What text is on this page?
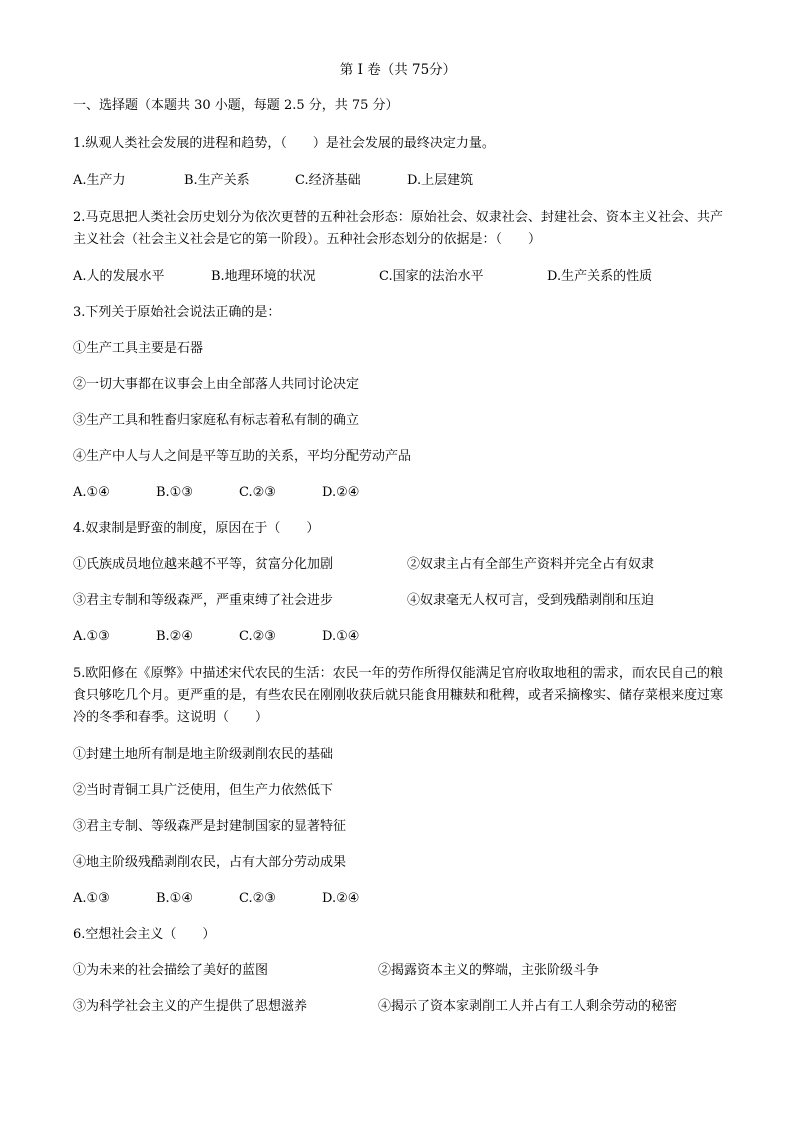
第 I 卷（共 75分）
一、选择题（本题共 30 小题，每题 2.5 分，共 75 分）
1.纵观人类社会发展的进程和趋势，（　　）是社会发展的最终决定力量。
A.生产力	B.生产关系	C.经济基础	D.上层建筑
2.马克思把人类社会历史划分为依次更替的五种社会形态：原始社会、奴隶社会、封建社会、资本主义社会、共产主义社会（社会主义社会是它的第一阶段）。五种社会形态划分的依据是：（　　）
A.人的发展水平	B.地理环境的状况	C.国家的法治水平	D.生产关系的性质
3.下列关于原始社会说法正确的是：
①生产工具主要是石器
②一切大事都在议事会上由全部落人共同讨论决定
③生产工具和牲畜归家庭私有标志着私有制的确立
④生产中人与人之间是平等互助的关系，平均分配劳动产品
A.①④	B.①③	C.②③	D.②④
4.奴隶制是野蛮的制度，原因在于（　　）
①氏族成员地位越来越不平等，贫富分化加剧	②奴隶主占有全部生产资料并完全占有奴隶
③君主专制和等级森严，严重束缚了社会进步	④奴隶毫无人权可言，受到残酷剥削和压迫
A.①③	B.②④	C.②③	D.①④
5.欧阳修在《原弊》中描述宋代农民的生活：农民一年的劳作所得仅能满足官府收取地租的需求，而农民自己的粮食只够吃几个月。更严重的是，有些农民在刚刚收获后就只能食用糠麸和秕稗，或者采摘橡实、储存菜根来度过寒冷的冬季和春季。这说明（　　）
①封建土地所有制是地主阶级剥削农民的基础
②当时青铜工具广泛使用，但生产力依然低下
③君主专制、等级森严是封建制国家的显著特征
④地主阶级残酷剥削农民，占有大部分劳动成果
A.①③	B.①④	C.②③	D.②④
6.空想社会主义（　　）
①为未来的社会描绘了美好的蓝图	②揭露资本主义的弊端，主张阶级斗争
③为科学社会主义的产生提供了思想滋养	④揭示了资本家剥削工人并占有工人剩余劳动的秘密
